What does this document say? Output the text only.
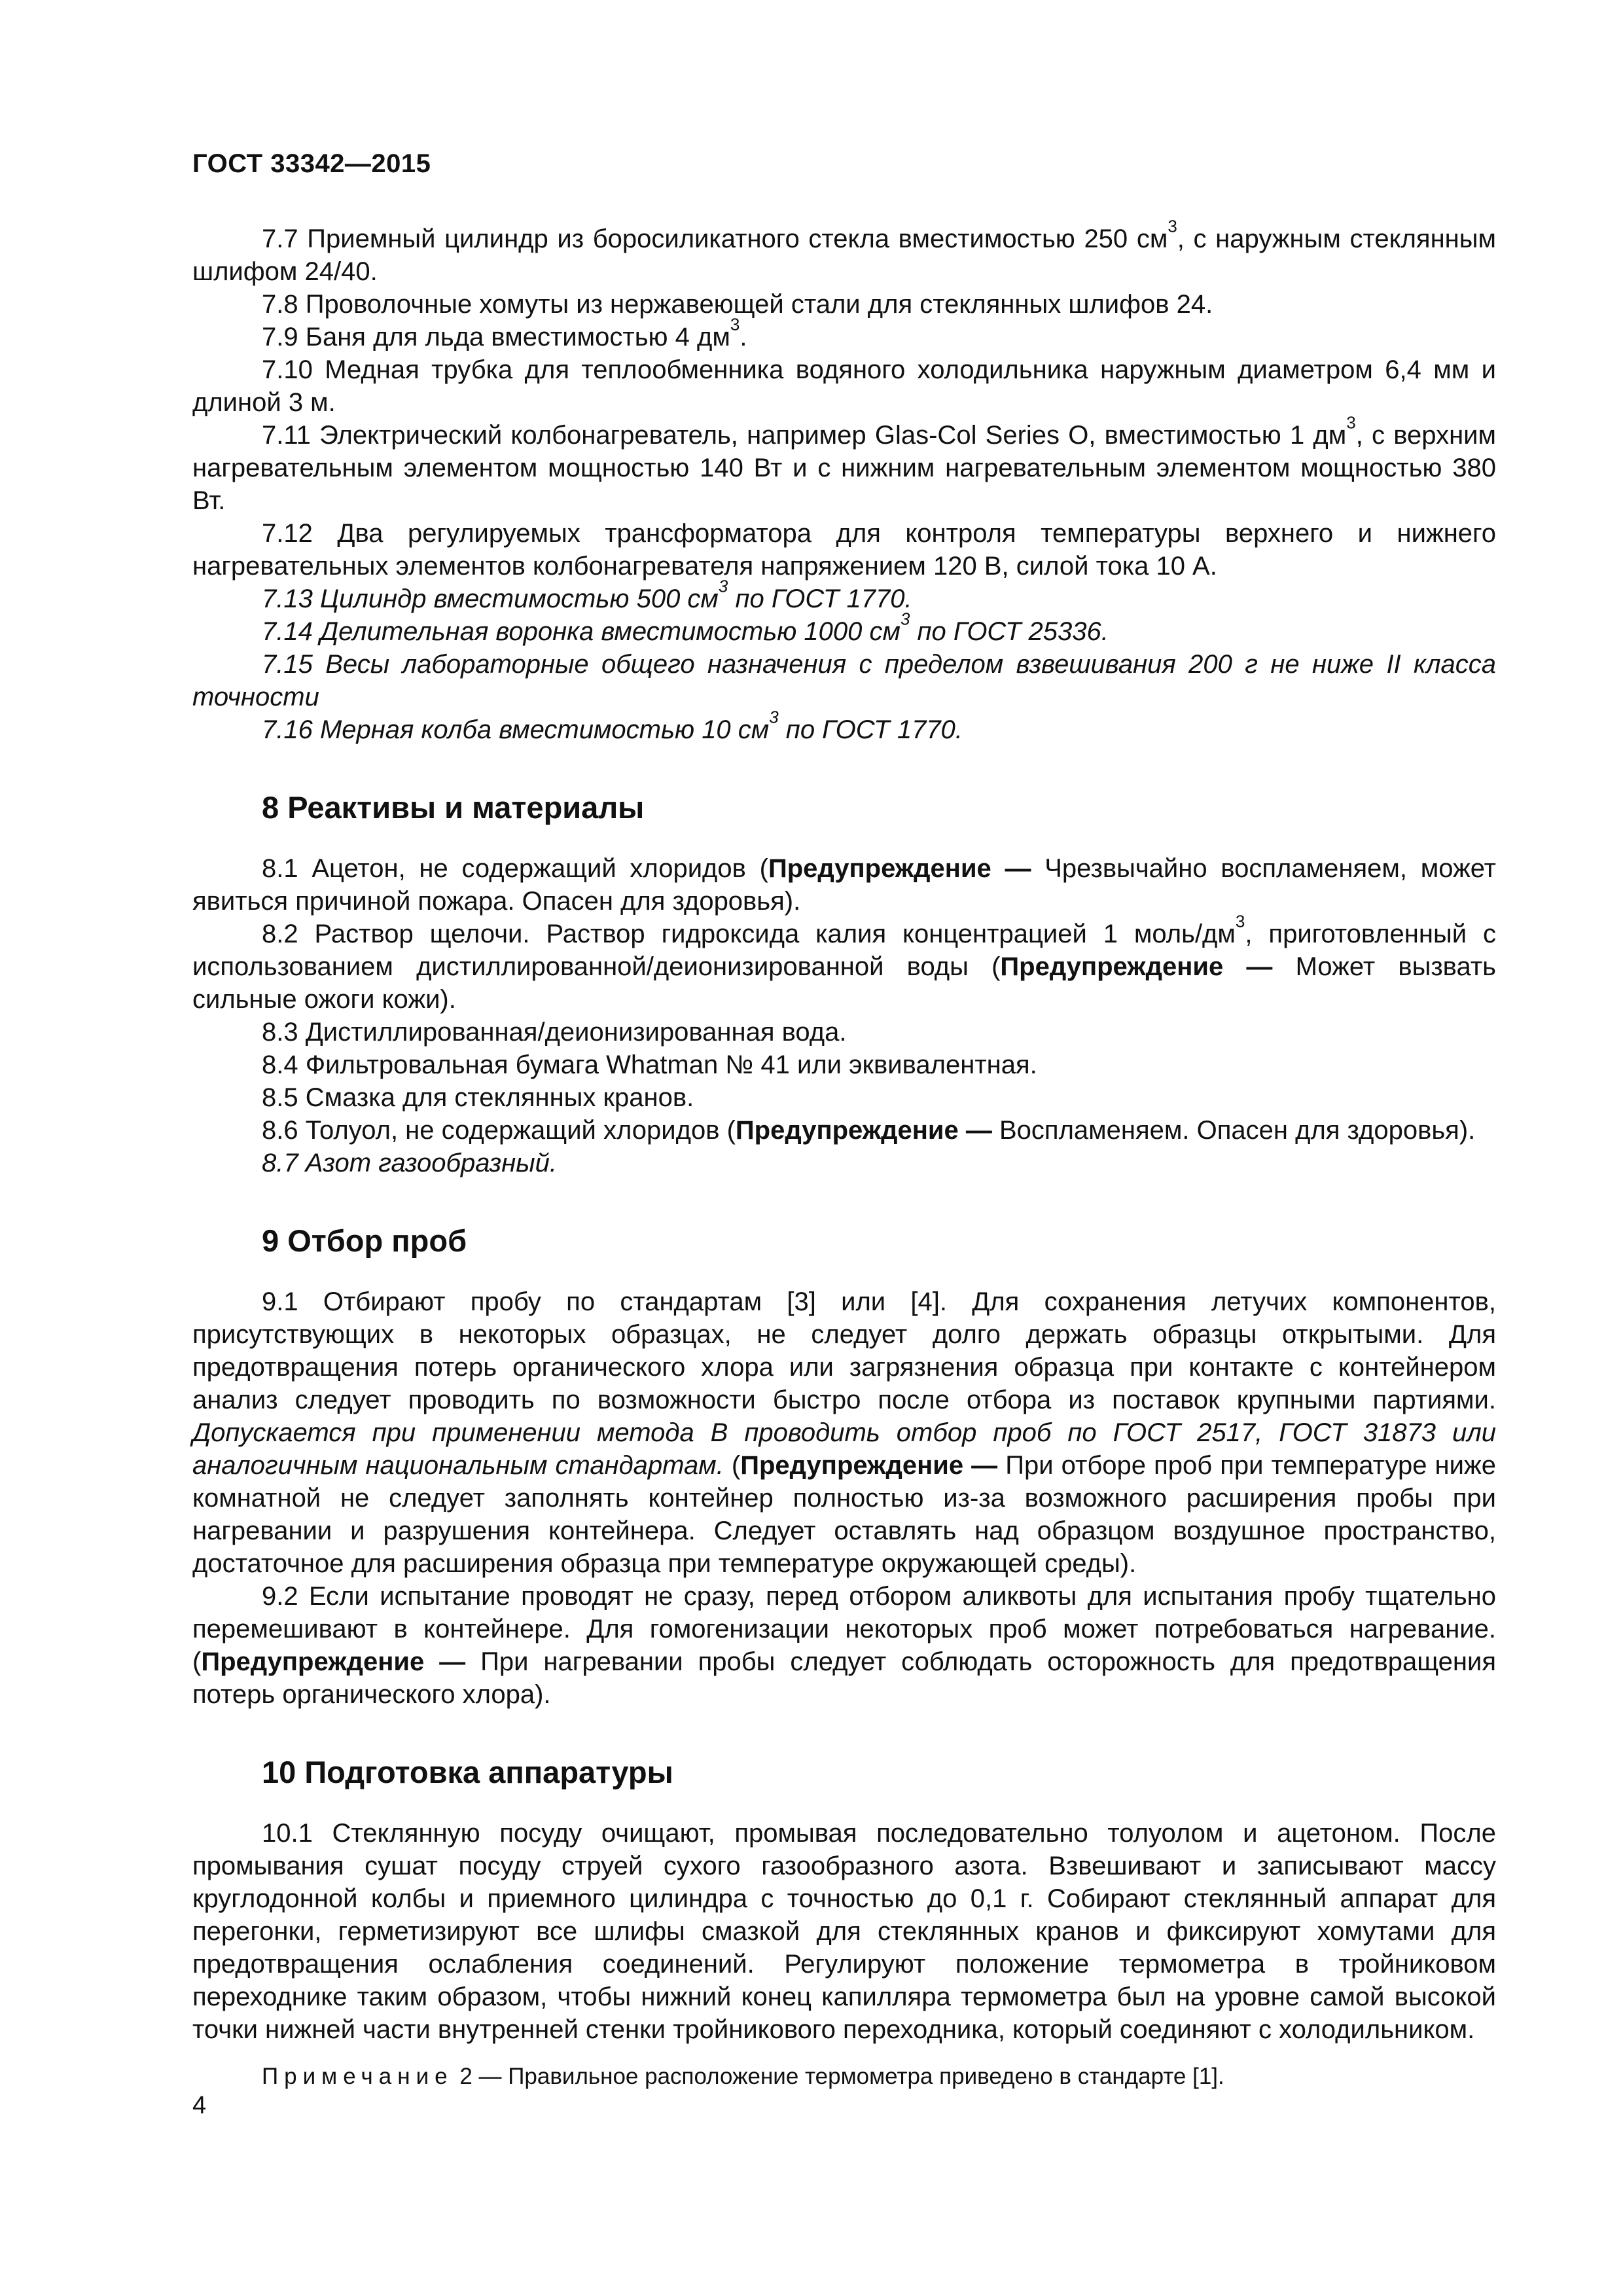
ГОСТ 33342—2015

7.7 Приемный цилиндр из боросиликатного стекла вместимостью 250 $см^3$, с наружным стеклянным шлифом 24/40.

7.8 Проволочные хомуты из нержавеющей стали для стеклянных шлифов 24.

7.9 Баня для льда вместимостью 4 $дм^3$.

7.10 Медная трубка для теплообменника водяного холодильника наружным диаметром 6,4 мм и длиной 3 м.

7.11 Электрический колбонагреватель, например Glas-Col Series O, вместимостью 1 $дм^3$, с верхним нагревательным элементом мощностью 140 Вт и с нижним нагревательным элементом мощностью 380 Вт.

7.12 Два регулируемых трансформатора для контроля температуры верхнего и нижнего нагревательных элементов колбонагревателя напряжением 120 В, силой тока 10 А.

7.13 Цилиндр вместимостью 500 $см^3$ по ГОСТ 1770.

7.14 Делительная воронка вместимостью 1000 $см^3$ по ГОСТ 25336.

7.15 Весы лабораторные общего назначения с пределом взвешивания 200 г не ниже II класса точности

7.16 Мерная колба вместимостью 10 $см^3$ по ГОСТ 1770.

8 Реактивы и материалы

8.1 Ацетон, не содержащий хлоридов (Предупреждение — Чрезвычайно воспламеняем, может явиться причиной пожара. Опасен для здоровья).

8.2 Раствор щелочи. Раствор гидроксида калия концентрацией 1 моль/$дм^3$, приготовленный с использованием дистиллированной/деионизированной воды (Предупреждение — Может вызвать сильные ожоги кожи).

8.3 Дистиллированная/деионизированная вода.

8.4 Фильтровальная бумага Whatman № 41 или эквивалентная.

8.5 Смазка для стеклянных кранов.

8.6 Толуол, не содержащий хлоридов (Предупреждение — Воспламеняем. Опасен для здоровья).

8.7 Азот газообразный.

9 Отбор проб

9.1 Отбирают пробу по стандартам [3] или [4]. Для сохранения летучих компонентов, присутствующих в некоторых образцах, не следует долго держать образцы открытыми. Для предотвращения потерь органического хлора или загрязнения образца при контакте с контейнером анализ следует проводить по возможности быстро после отбора из поставок крупными партиями. Допускается при применении метода В проводить отбор проб по ГОСТ 2517, ГОСТ 31873 или аналогичным национальным стандартам. (Предупреждение — При отборе проб при температуре ниже комнатной не следует заполнять контейнер полностью из-за возможного расширения пробы при нагревании и разрушения контейнера. Следует оставлять над образцом воздушное пространство, достаточное для расширения образца при температуре окружающей среды).

9.2 Если испытание проводят не сразу, перед отбором аликвоты для испытания пробу тщательно перемешивают в контейнере. Для гомогенизации некоторых проб может потребоваться нагревание. (Предупреждение — При нагревании пробы следует соблюдать осторожность для предотвращения потерь органического хлора).

10 Подготовка аппаратуры

10.1 Стеклянную посуду очищают, промывая последовательно толуолом и ацетоном. После промывания сушат посуду струей сухого газообразного азота. Взвешивают и записывают массу круглодонной колбы и приемного цилиндра с точностью до 0,1 г. Собирают стеклянный аппарат для перегонки, герметизируют все шлифы смазкой для стеклянных кранов и фиксируют хомутами для предотвращения ослабления соединений. Регулируют положение термометра в тройниковом переходнике таким образом, чтобы нижний конец капилляра термометра был на уровне самой высокой точки нижней части внутренней стенки тройникового переходника, который соединяют с холодильником.

Примечание 2 — Правильное расположение термометра приведено в стандарте [1].

4
